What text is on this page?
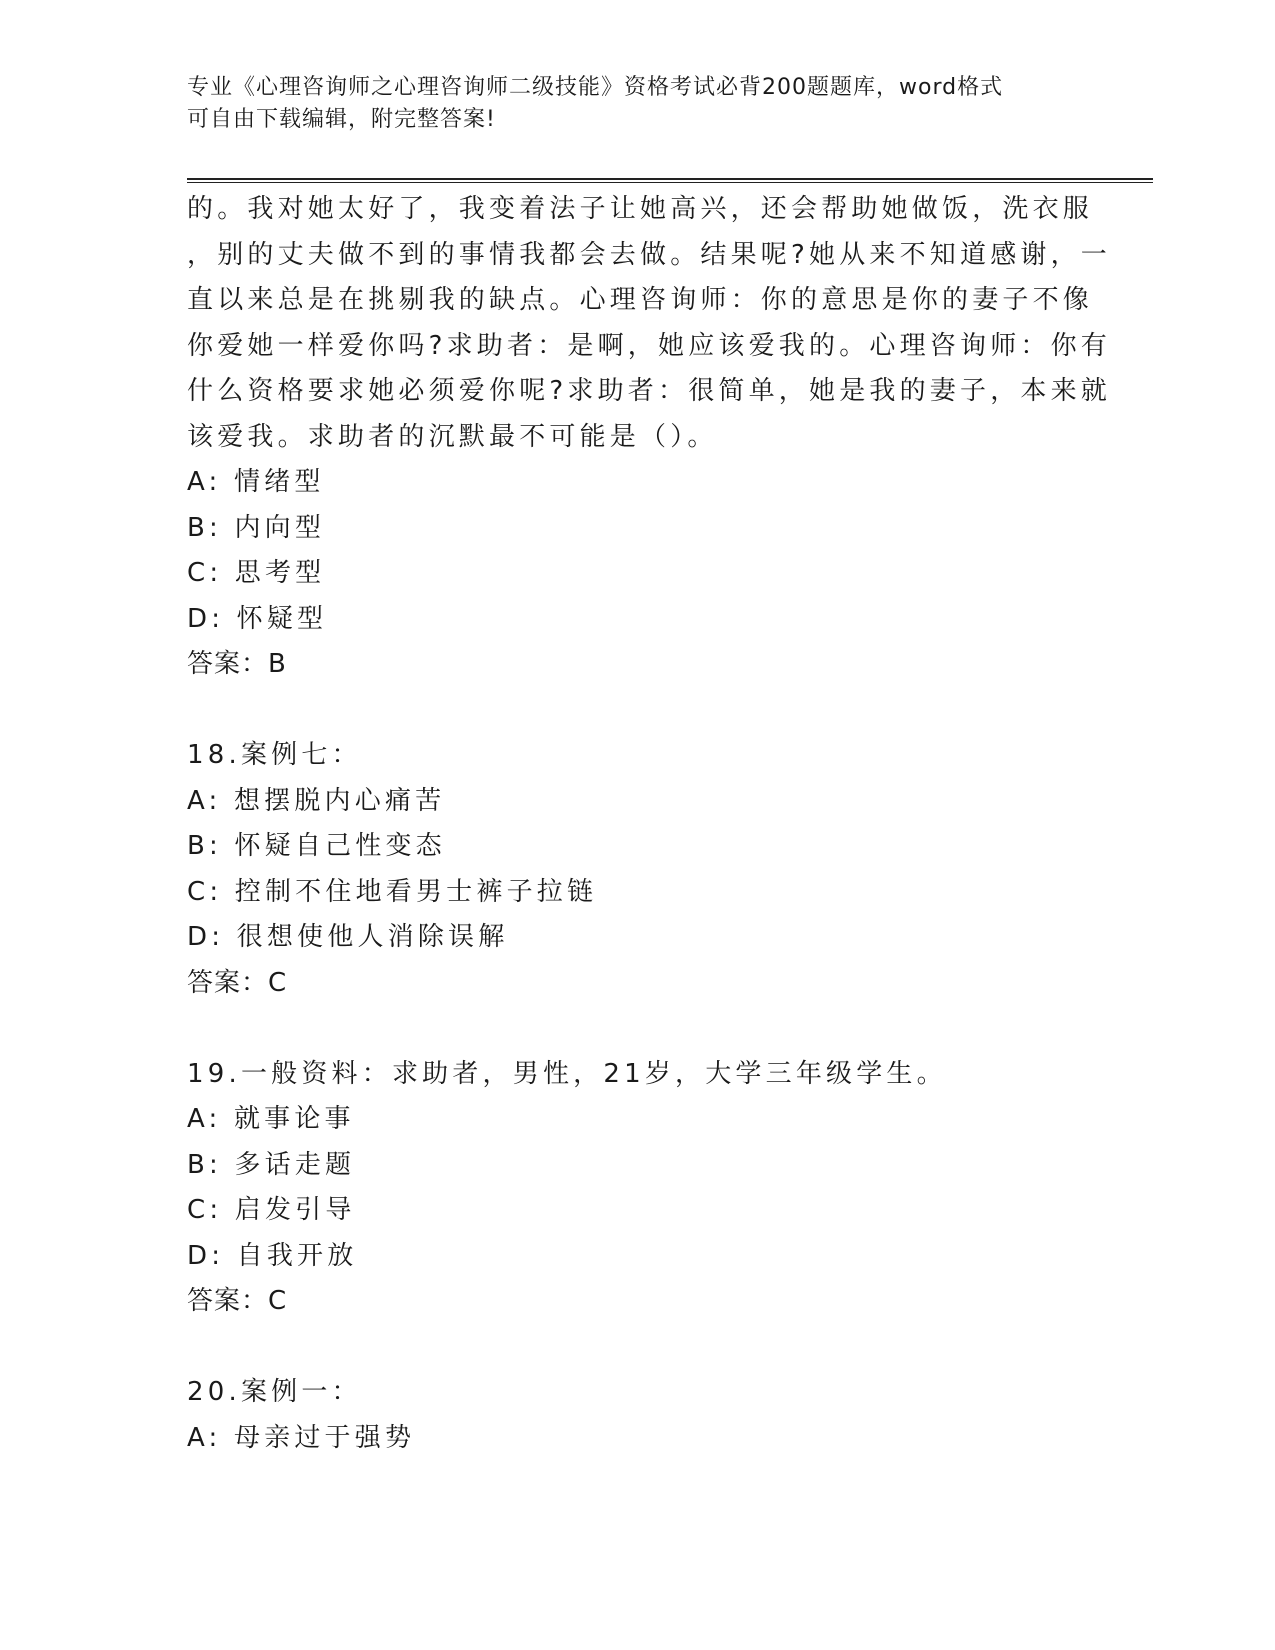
专业《心理咨询师之心理咨询师二级技能》资格考试必背200题题库，word格式
可自由下载编辑，附完整答案!
的。我对她太好了，我变着法子让她高兴，还会帮助她做饭，洗衣服
，别的丈夫做不到的事情我都会去做。结果呢?她从来不知道感谢，一
直以来总是在挑剔我的缺点。心理咨询师：你的意思是你的妻子不像
你爱她一样爱你吗?求助者：是啊，她应该爱我的。心理咨询师：你有
什么资格要求她必须爱你呢?求助者：很简单，她是我的妻子，本来就
该爱我。求助者的沉默最不可能是（）。
A: 情绪型
B: 内向型
C: 思考型
D: 怀疑型
答案：B
18.案例七：
A: 想摆脱内心痛苦
B: 怀疑自己性变态
C: 控制不住地看男士裤子拉链
D: 很想使他人消除误解
答案：C
19.一般资料：求助者，男性，21岁，大学三年级学生。
A: 就事论事
B: 多话走题
C: 启发引导
D: 自我开放
答案：C
20.案例一：
A: 母亲过于强势
